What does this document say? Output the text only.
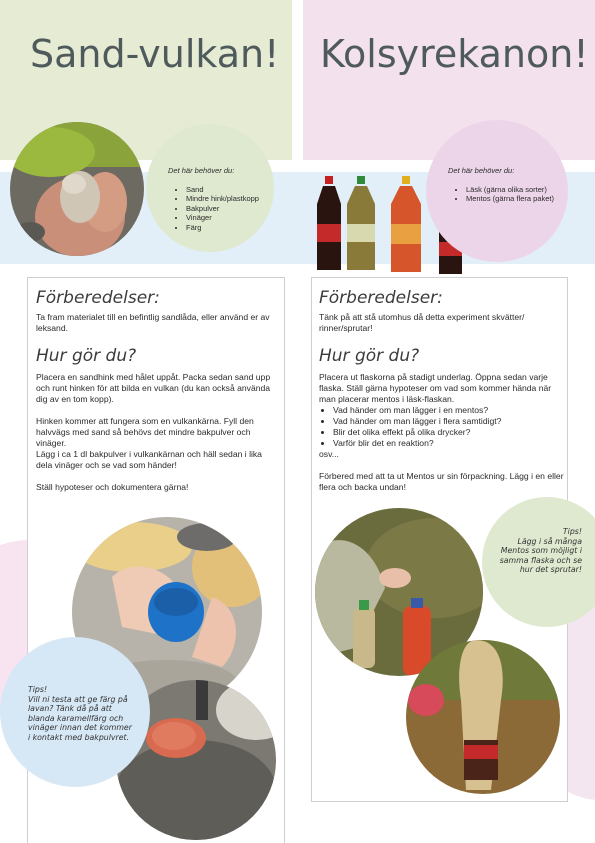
Sand-vulkan! Kolsyrekanon!
Det här behöver du:
• Sand
• Mindre hink/plastkopp
• Bakpulver
• Vinäger
• Färg
Det här behöver du:
• Läsk (gärna olika sorter)
• Mentos (gärna flera paket)
Förberedelser:
Ta fram materialet till en befintlig sandlåda, eller använd er av leksand.
Hur gör du?

Placera en sandhink med hålet uppåt. Packa sedan sand upp och runt hinken för att bilda en vulkan (du kan också använda dig av en tom kopp).

Hinken kommer att fungera som en vulkankärna. Fyll den halvvägs med sand så behövs det mindre bakpulver och vinäger.

Lägg i ca 1 dl bakpulver i vulkankärnan och häll sedan i lika dela vinäger och se vad som händer!

Ställ hypoteser och dokumentera gärna!

Tips!
Vill ni testa att ge färg på lavan? Tänk då på att blanda karamellfärg och vinäger innan det kommer i kontakt med bakpulvret.
Förberedelser:
Tänk på att stå utomhus då detta experiment skvätter/ rinner/sprutar!
Hur gör du?

Placera ut flaskorna på stadigt underlag. Öppna sedan varje flaska. Ställ gärna hypoteser om vad som kommer hända när man placerar mentos i läsk-flaskan.

• Vad händer om man lägger i en mentos?
• Vad händer om man lägger i flera samtidigt?
• Blir det olika effekt på olika drycker?
• Varför blir det en reaktion?

osv...

Förbered med att ta ut Mentos ur sin förpackning. Lägg i en eller flera och backa undan!

Tips!
Lägg i så många Mentos som möjligt i samma flaska och se hur det sprutar!
